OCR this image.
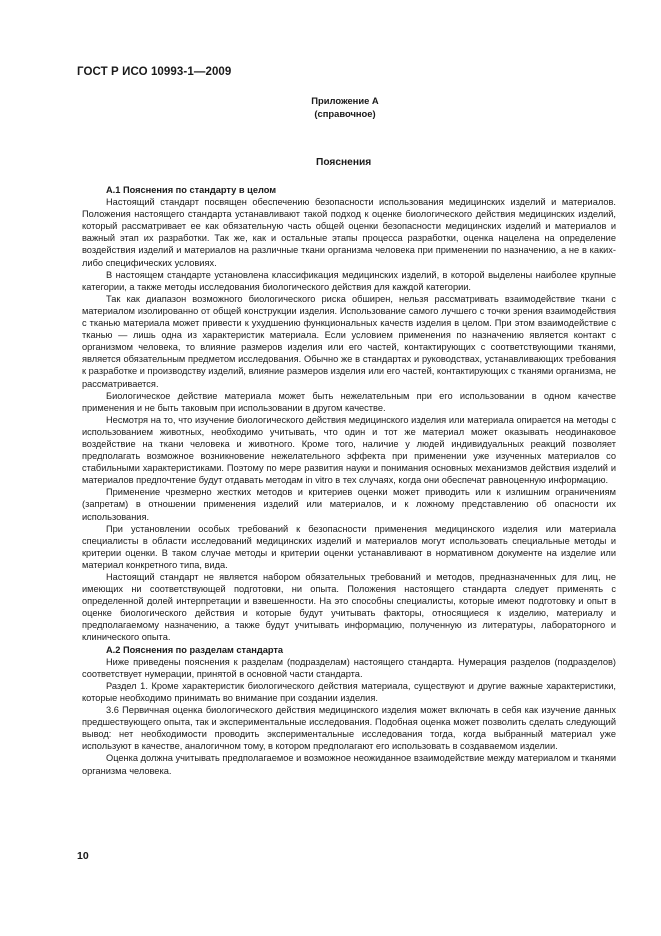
ГОСТ Р ИСО 10993-1—2009
Приложение А
(справочное)
Пояснения
А.1 Пояснения по стандарту в целом

Настоящий стандарт посвящен обеспечению безопасности использования медицинских изделий и материалов. Положения настоящего стандарта устанавливают такой подход к оценке биологического действия медицинских изделий, который рассматривает ее как обязательную часть общей оценки безопасности медицинских изделий и материалов и важный этап их разработки. Так же, как и остальные этапы процесса разработки, оценка нацелена на определение воздействия изделий и материалов на различные ткани организма человека при применении по назначению, а не в каких-либо специфических условиях.

В настоящем стандарте установлена классификация медицинских изделий, в которой выделены наиболее крупные категории, а также методы исследования биологического действия для каждой категории.

Так как диапазон возможного биологического риска обширен, нельзя рассматривать взаимодействие ткани с материалом изолированно от общей конструкции изделия. Использование самого лучшего с точки зрения взаимодействия с тканью материала может привести к ухудшению функциональных качеств изделия в целом. При этом взаимодействие с тканью — лишь одна из характеристик материала. Если условием применения по назначению является контакт с организмом человека, то влияние размеров изделия или его частей, контактирующих с соответствующими тканями, является обязательным предметом исследования. Обычно же в стандартах и руководствах, устанавливающих требования к разработке и производству изделий, влияние размеров изделия или его частей, контактирующих с тканями организма, не рассматривается.

Биологическое действие материала может быть нежелательным при его использовании в одном качестве применения и не быть таковым при использовании в другом качестве.

Несмотря на то, что изучение биологического действия медицинского изделия или материала опирается на методы с использованием животных, необходимо учитывать, что один и тот же материал может оказывать неодинаковое воздействие на ткани человека и животного. Кроме того, наличие у людей индивидуальных реакций позволяет предполагать возможное возникновение нежелательного эффекта при применении уже изученных материалов со стабильными характеристиками. Поэтому по мере развития науки и понимания основных механизмов действия изделий и материалов предпочтение будут отдавать методам in vitro в тех случаях, когда они обеспечат равноценную информацию.

Применение чрезмерно жестких методов и критериев оценки может приводить или к излишним ограничениям (запретам) в отношении применения изделий или материалов, и к ложному представлению об опасности их использования.

При установлении особых требований к безопасности применения медицинского изделия или материала специалисты в области исследований медицинских изделий и материалов могут использовать специальные методы и критерии оценки. В таком случае методы и критерии оценки устанавливают в нормативном документе на изделие или материал конкретного типа, вида.

Настоящий стандарт не является набором обязательных требований и методов, предназначенных для лиц, не имеющих ни соответствующей подготовки, ни опыта. Положения настоящего стандарта следует применять с определенной долей интерпретации и взвешенности. На это способны специалисты, которые имеют подготовку и опыт в оценке биологического действия и которые будут учитывать факторы, относящиеся к изделию, материалу и предполагаемому назначению, а также будут учитывать информацию, полученную из литературы, лабораторного и клинического опыта.

А.2 Пояснения по разделам стандарта

Ниже приведены пояснения к разделам (подразделам) настоящего стандарта. Нумерация разделов (подразделов) соответствует нумерации, принятой в основной части стандарта.

Раздел 1. Кроме характеристик биологического действия материала, существуют и другие важные характеристики, которые необходимо принимать во внимание при создании изделия.

3.6 Первичная оценка биологического действия медицинского изделия может включать в себя как изучение данных предшествующего опыта, так и экспериментальные исследования. Подобная оценка может позволить сделать следующий вывод: нет необходимости проводить экспериментальные исследования тогда, когда выбранный материал уже используют в качестве, аналогичном тому, в котором предполагают его использовать в создаваемом изделии.

Оценка должна учитывать предполагаемое и возможное неожиданное взаимодействие между материалом и тканями организма человека.

10
